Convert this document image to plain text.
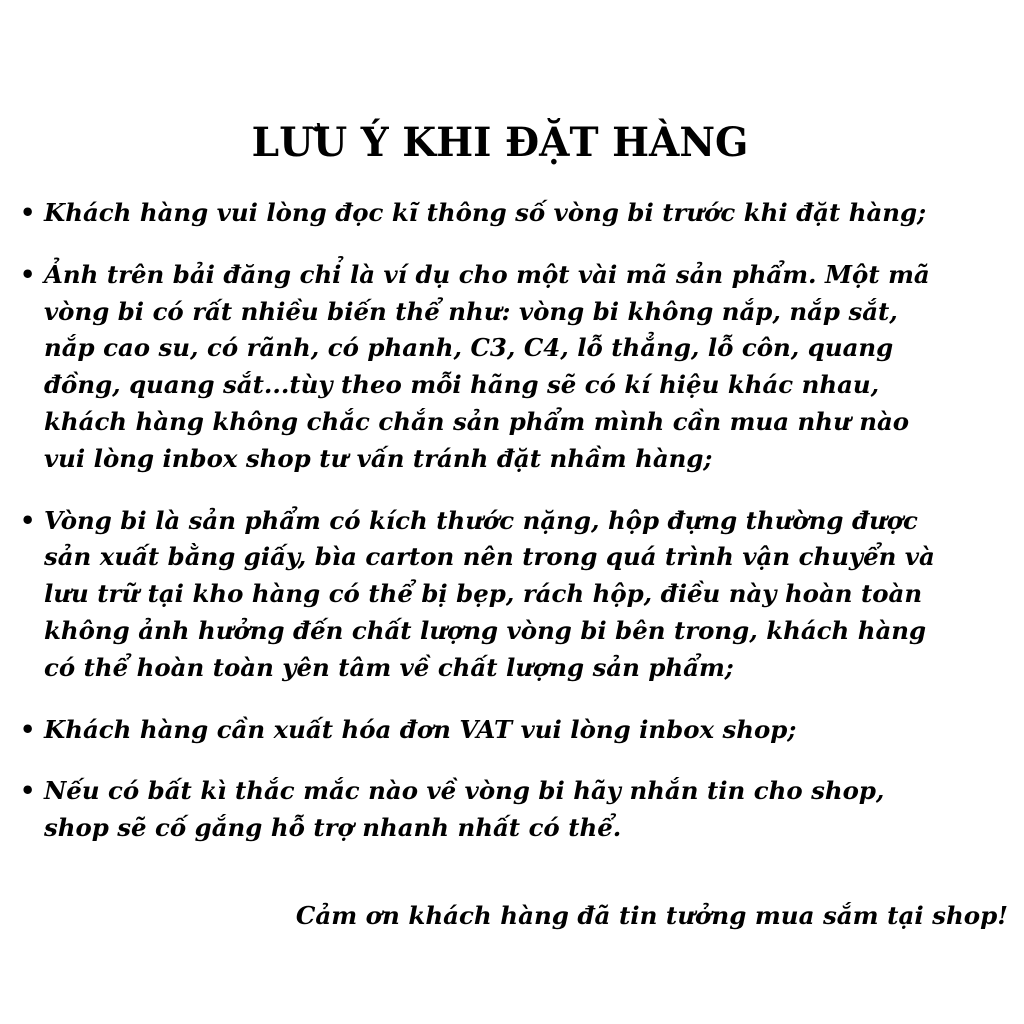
LƯU Ý KHI ĐẶT HÀNG
• Khách hàng vui lòng đọc kĩ thông số vòng bi trước khi đặt hàng;
• Ảnh trên bải đăng chỉ là ví dụ cho một vài mã sản phẩm. Một mã
vòng bi có rất nhiều biến thể như: vòng bi không nắp, nắp sắt,
nắp cao su, có rãnh, có phanh, C3, C4, lỗ thẳng, lỗ côn, quang
đồng, quang sắt...tùy theo mỗi hãng sẽ có kí hiệu khác nhau,
khách hàng không chắc chắn sản phẩm mình cần mua như nào
vui lòng inbox shop tư vấn tránh đặt nhầm hàng;
• Vòng bi là sản phẩm có kích thước nặng, hộp đựng thường được
sản xuất bằng giấy, bìa carton nên trong quá trình vận chuyển và
lưu trữ tại kho hàng có thể bị bẹp, rách hộp, điều này hoàn toàn
không ảnh hưởng đến chất lượng vòng bi bên trong, khách hàng
có thể hoàn toàn yên tâm về chất lượng sản phẩm;
• Khách hàng cần xuất hóa đơn VAT vui lòng inbox shop;
• Nếu có bất kì thắc mắc nào về vòng bi hãy nhắn tin cho shop,
shop sẽ cố gắng hỗ trợ nhanh nhất có thể.

Cảm ơn khách hàng đã tin tưởng mua sắm tại shop!
